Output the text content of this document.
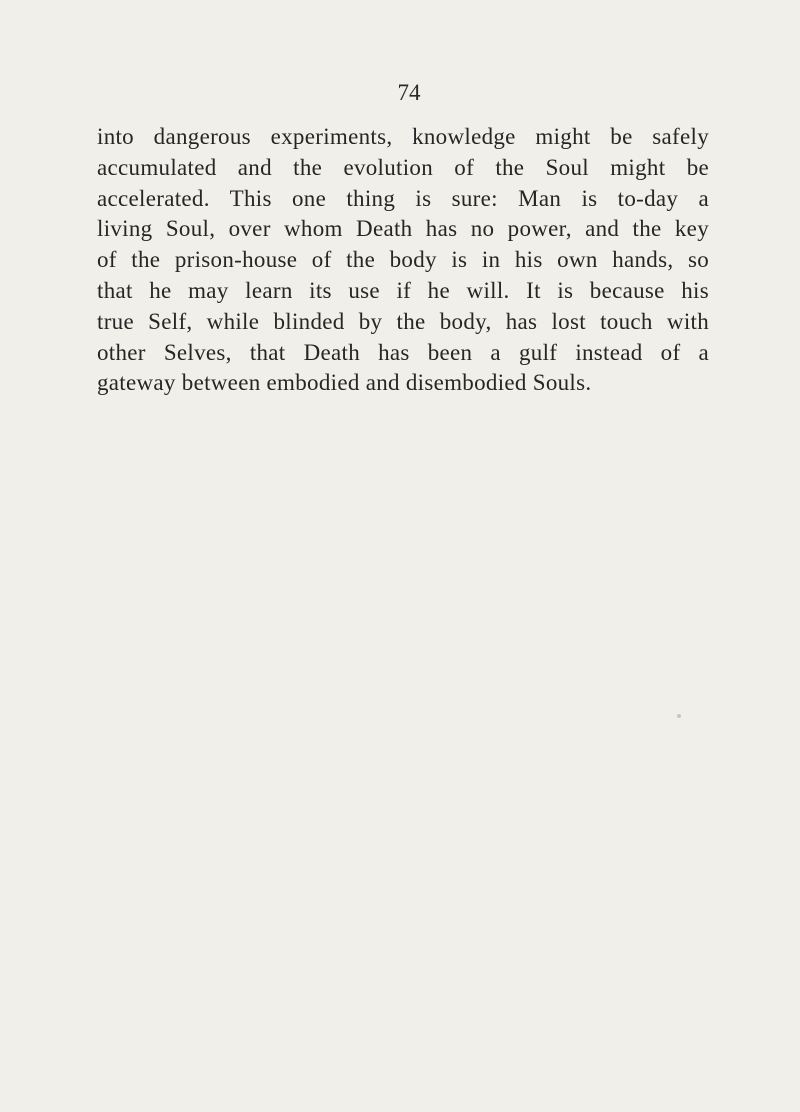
74
into dangerous experiments, knowledge might be safely
accumulated and the evolution of the Soul might be
accelerated. This one thing is sure: Man is to-day a
living Soul, over whom Death has no power, and the key
of the prison-house of the body is in his own hands, so
that he may learn its use if he will. It is because his
true Self, while blinded by the body, has lost touch with
other Selves, that Death has been a gulf instead of a
gateway between embodied and disembodied Souls.
